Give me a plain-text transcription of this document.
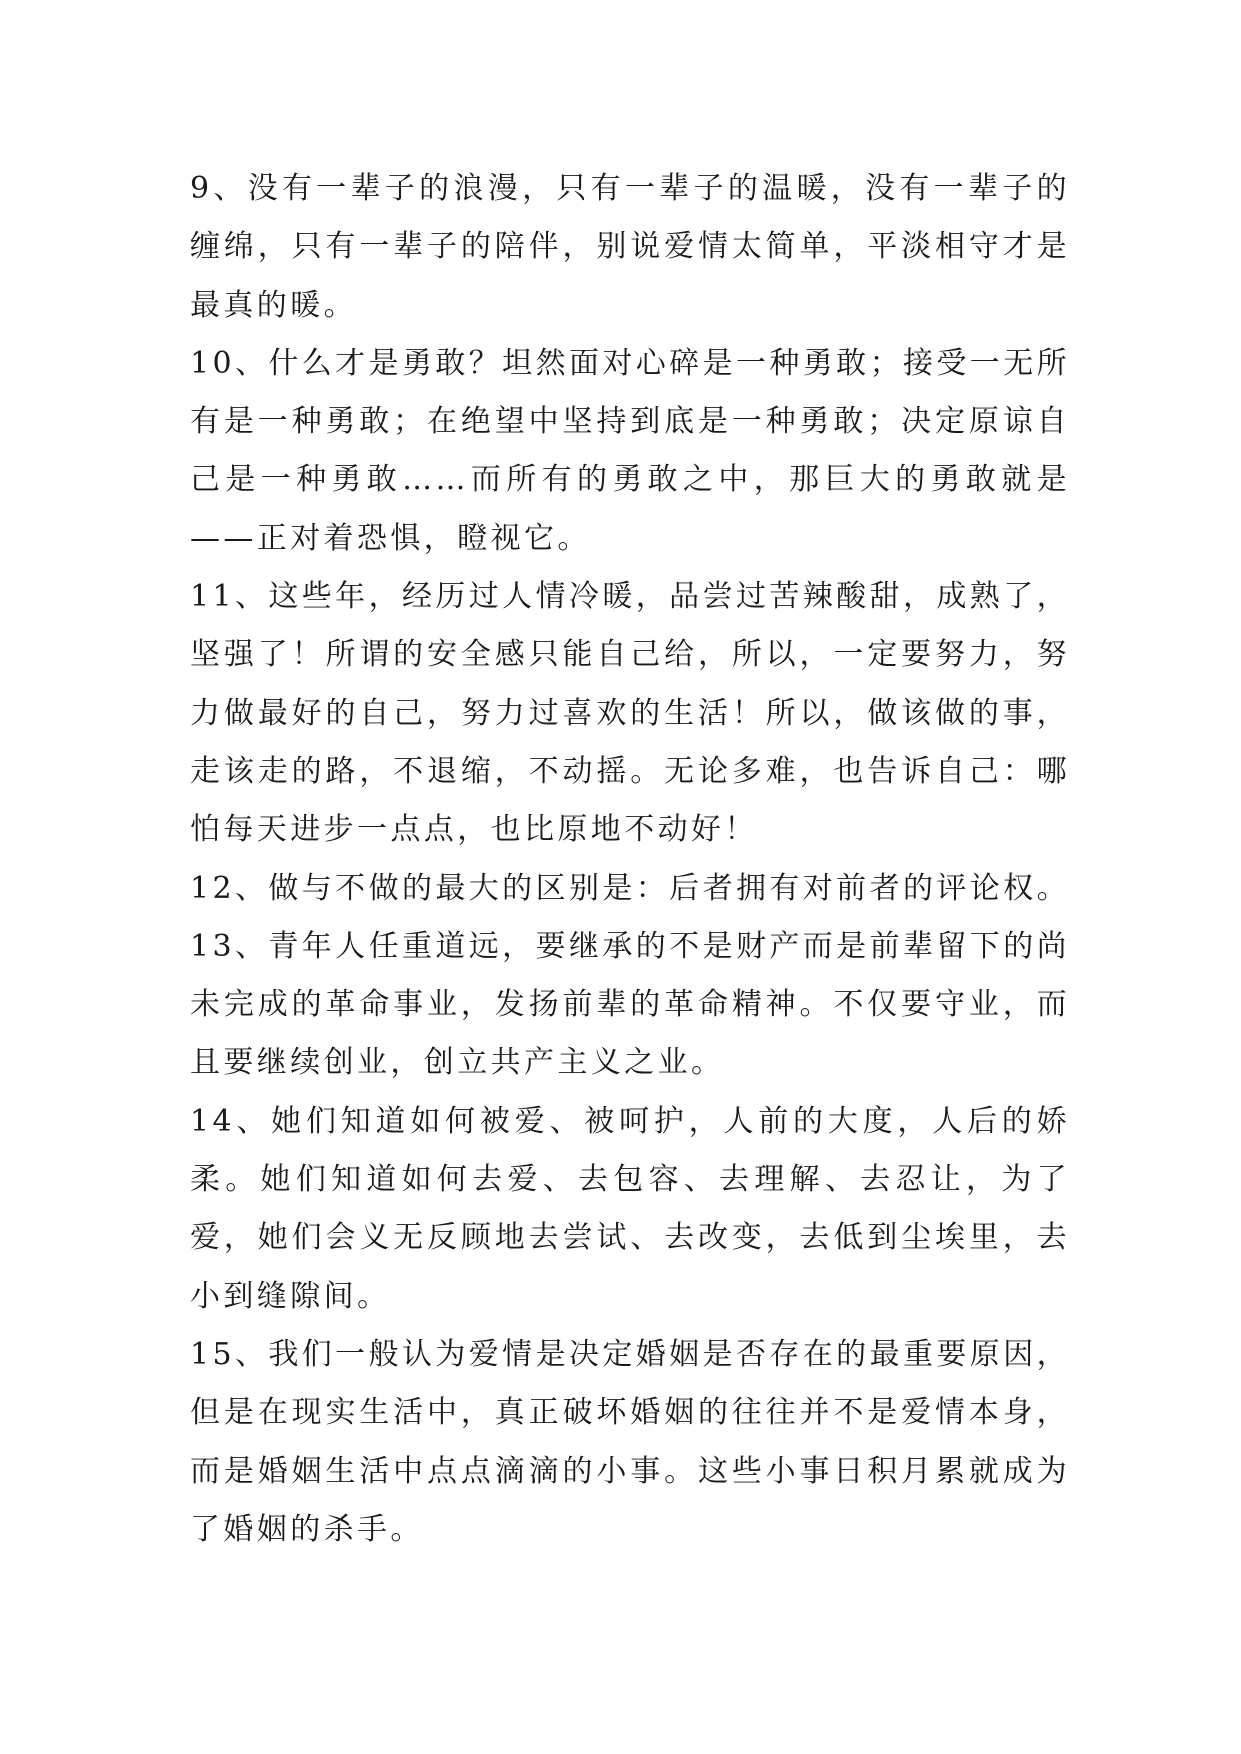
9、没有一辈子的浪漫，只有一辈子的温暖，没有一辈子的缠绵，只有一辈子的陪伴，别说爱情太简单，平淡相守才是最真的暖。

10、什么才是勇敢？坦然面对心碎是一种勇敢；接受一无所有是一种勇敢；在绝望中坚持到底是一种勇敢；决定原谅自己是一种勇敢……而所有的勇敢之中，那巨大的勇敢就是——正对着恐惧，瞪视它。

11、这些年，经历过人情冷暖，品尝过苦辣酸甜，成熟了，坚强了！所谓的安全感只能自己给，所以，一定要努力，努力做最好的自己，努力过喜欢的生活！所以，做该做的事，走该走的路，不退缩，不动摇。无论多难，也告诉自己：哪怕每天进步一点点，也比原地不动好！

12、做与不做的最大的区别是：后者拥有对前者的评论权。

13、青年人任重道远，要继承的不是财产而是前辈留下的尚未完成的革命事业，发扬前辈的革命精神。不仅要守业，而且要继续创业，创立共产主义之业。

14、她们知道如何被爱、被呵护，人前的大度，人后的娇柔。她们知道如何去爱、去包容、去理解、去忍让，为了爱，她们会义无反顾地去尝试、去改变，去低到尘埃里，去小到缝隙间。

15、我们一般认为爱情是决定婚姻是否存在的最重要原因，但是在现实生活中，真正破坏婚姻的往往并不是爱情本身，而是婚姻生活中点点滴滴的小事。这些小事日积月累就成为了婚姻的杀手。
